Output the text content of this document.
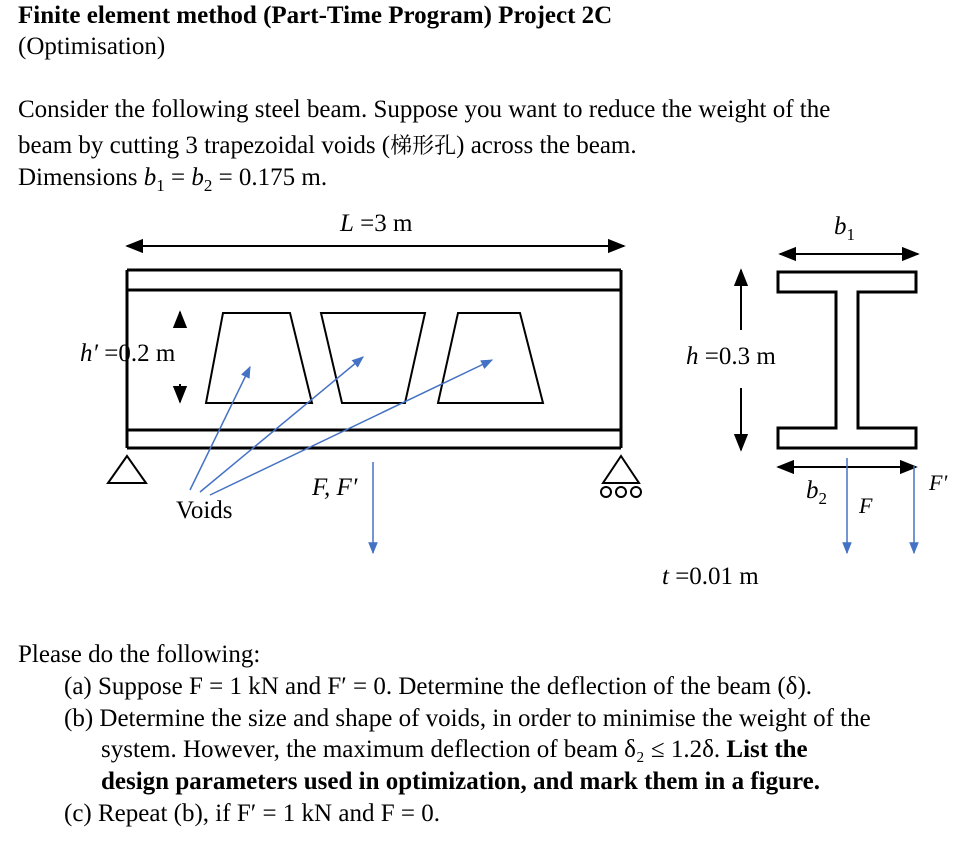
Finite element method (Part-Time Program) Project 2C
(Optimisation)
Consider the following steel beam. Suppose you want to reduce the weight of the
beam by cutting 3 trapezoidal voids (梯形孔) across the beam.
Dimensions $b_1 = b_2 = 0.175$ m.
L =3 m
h′ =0.2 m
Voids
F, F′
$b_1$
h =0.3 m
$b_2$ F
F'
t =0.01 m
Please do the following:
(a) Suppose F = 1 kN and F′ = 0. Determine the deflection of the beam (δ).
(b) Determine the size and shape of voids, in order to minimise the weight of the
system. However, the maximum deflection of beam δ₂ ≤ 1.2δ. List the
design parameters used in optimization, and mark them in a figure.
(c) Repeat (b), if F′ = 1 kN and F = 0.
